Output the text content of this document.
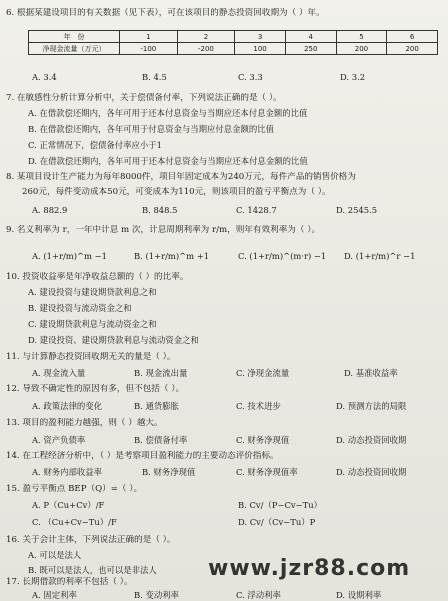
6. 根据某建设项目的有关数据（见下表），可在该项目的静态投资回收期为（ ）年。
年　份	1	2	3	4	5	6
净现金流量（万元）	-100	-200	100	250	200	200
A. 3.4	B. 4.5	C. 3.3	D. 3.2
7. 在敏感性分析计算分析中，关于偿债备付率，下列说法正确的是（ ）。
A. 在借款偿还期内，各年可用于还本付息资金与当期应还本付息金额的比值
B. 在借款偿还期内，各年可用于付息资金与当期应付息金额的比值
C. 正常情况下，偿债备付率应小于1
D. 在借款偿还期内，各年可用于还本付息资金与当期应还本付息金额的比值
8. 某项目设计生产能力为每年8000件，项目年固定成本为240万元，每件产品的销售价格为
260元，每件变动成本50元，可变成本为110元，则该项目的盈亏平衡点为（ ）。
A. 882.9	B. 848.5	C. 1428.7	D. 2545.5
9. 名义利率为 r，一年中计息 m 次，计息周期利率为 r/m，则年有效利率为（ ）。
A. (1+r/m)^m −1	B. (1+r/m)^m +1	C. (1+r/m)^(m·r) −1 D. (1+r/m)^r −1
10. 投资收益率是年净收益总额的（ ）的比率。
A. 建设投资与建设期贷款利息之和
B. 建设投资与流动资金之和
C. 建设期贷款利息与流动资金之和
D. 建设投资、建设期贷款利息与流动资金之和
11. 与计算静态投资回收期无关的量是（ ）。
A. 现金流入量	B. 现金流出量	C. 净现金流量	D. 基准收益率
12. 导致不确定性的原因有多，但不包括（ ）。
A. 政策法律的变化	B. 通货膨胀	C. 技术进步	D. 预测方法的局限
13. 项目的盈利能力越强，则（ ）越大。
A. 资产负债率	B. 偿债备付率	C. 财务净现值	D. 动态投资回收期
14. 在工程经济分析中，（ ）是考察项目盈利能力的主要动态评价指标。
A. 财务内部收益率	B. 财务净现值	C. 财务净现值率	D. 动态投资回收期
15. 盈亏平衡点 BEP（Q）=（ ）。
A. P（Cu+Cv）/F	B. Cv/（P−Cv−Tu）
C. （Cu+Cv−Tu）/F	D. Cv/（Cv−Tu）P
16. 关于会计主体，下列说法正确的是（ ）。
A. 可以是法人
B. 既可以是法人，也可以是非法人	www.jzr88.com
17. 长期借款的利率不包括（ ）。
A. 固定利率	B. 变动利率	C. 浮动利率	D. 设期利率
